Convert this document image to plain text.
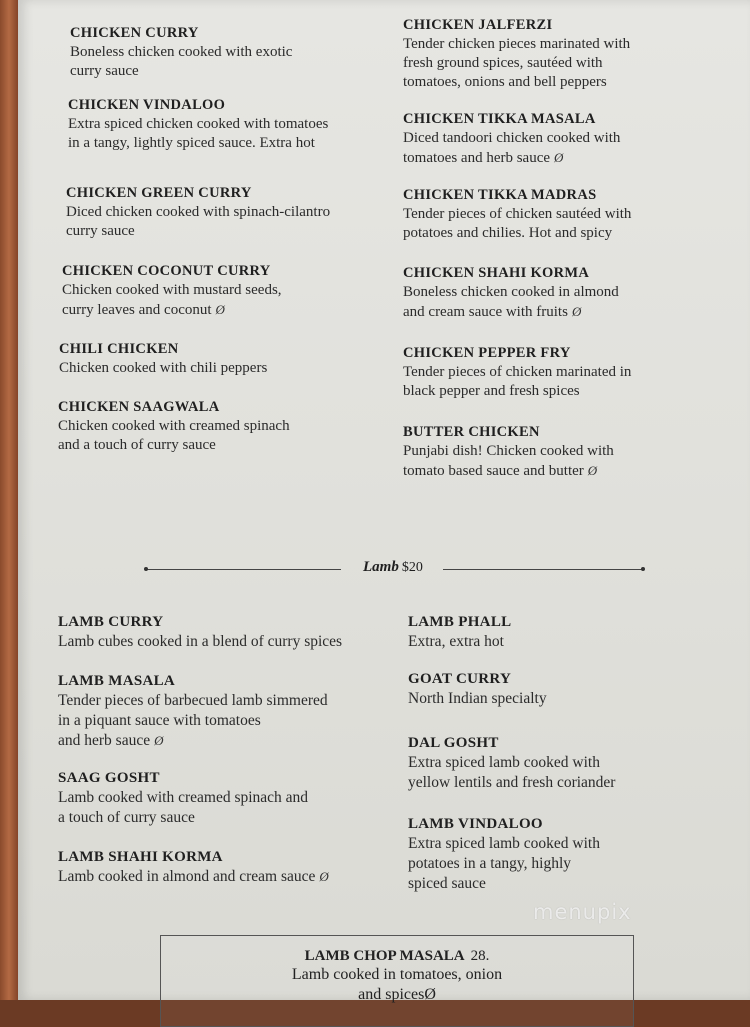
CHICKEN CURRY
Boneless chicken cooked with exotic
curry sauce
CHICKEN VINDALOO
Extra spiced chicken cooked with tomatoes
in a tangy, lightly spiced sauce. Extra hot
CHICKEN GREEN CURRY
Diced chicken cooked with spinach-cilantro
curry sauce
CHICKEN COCONUT CURRY
Chicken cooked with mustard seeds,
curry leaves and coconut Ø
CHILI CHICKEN
Chicken cooked with chili peppers
CHICKEN SAAGWALA
Chicken cooked with creamed spinach
and a touch of curry sauce
CHICKEN JALFERZI
Tender chicken pieces marinated with
fresh ground spices, sautéed with
tomatoes, onions and bell peppers
CHICKEN TIKKA MASALA
Diced tandoori chicken cooked with
tomatoes and herb sauce Ø
CHICKEN TIKKA MADRAS
Tender pieces of chicken sautéed with
potatoes and chilies. Hot and spicy
CHICKEN SHAHI KORMA
Boneless chicken cooked in almond
and cream sauce with fruits Ø
CHICKEN PEPPER FRY
Tender pieces of chicken marinated in
black pepper and fresh spices
BUTTER CHICKEN
Punjabi dish! Chicken cooked with
tomato based sauce and butter Ø
Lamb $20
LAMB CURRY
Lamb cubes cooked in a blend of curry spices
LAMB MASALA
Tender pieces of barbecued lamb simmered
in a piquant sauce with tomatoes
and herb sauce Ø
SAAG GOSHT
Lamb cooked with creamed spinach and
a touch of curry sauce
LAMB SHAHI KORMA
Lamb cooked in almond and cream sauce Ø
LAMB PHALL
Extra, extra hot
GOAT CURRY
North Indian specialty
DAL GOSHT
Extra spiced lamb cooked with
yellow lentils and fresh coriander
LAMB VINDALOO
Extra spiced lamb cooked with
potatoes in a tangy, highly
spiced sauce
menupix
LAMB CHOP MASALA 28.
Lamb cooked in tomatoes, onion
and spicesØ
